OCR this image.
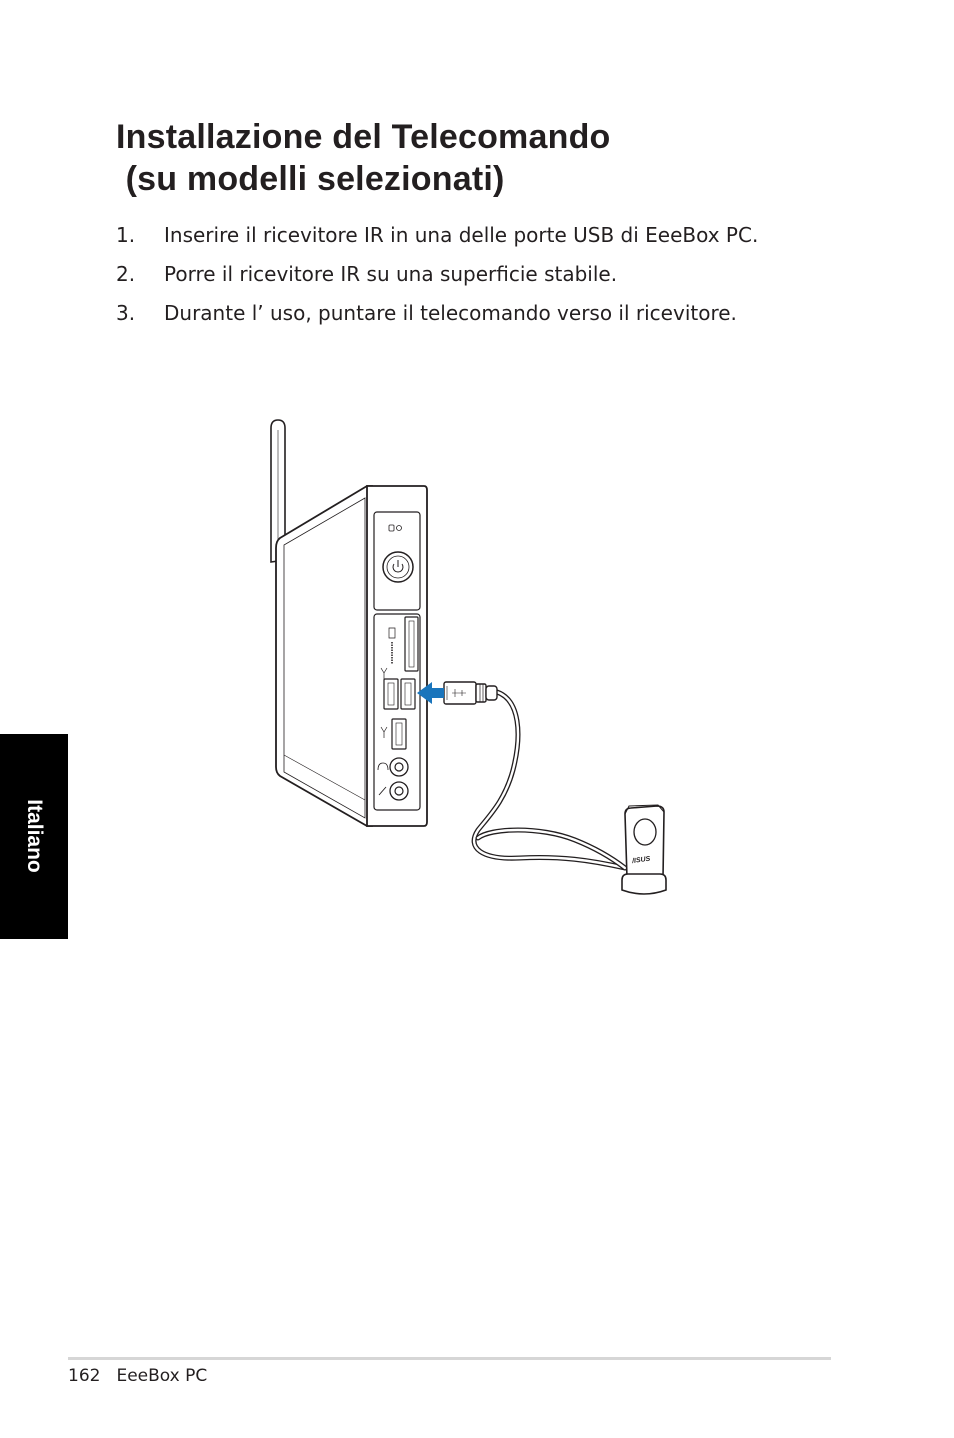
Installazione del Telecomando
(su modelli selezionati)
1.	Inserire il ricevitore IR in una delle porte USB di EeeBox PC.
2.	Porre il ricevitore IR su una superficie stabile.
3.	Durante l’ uso, puntare il telecomando verso il ricevitore.
Italiano	/ISUS
162 EeeBox PC
